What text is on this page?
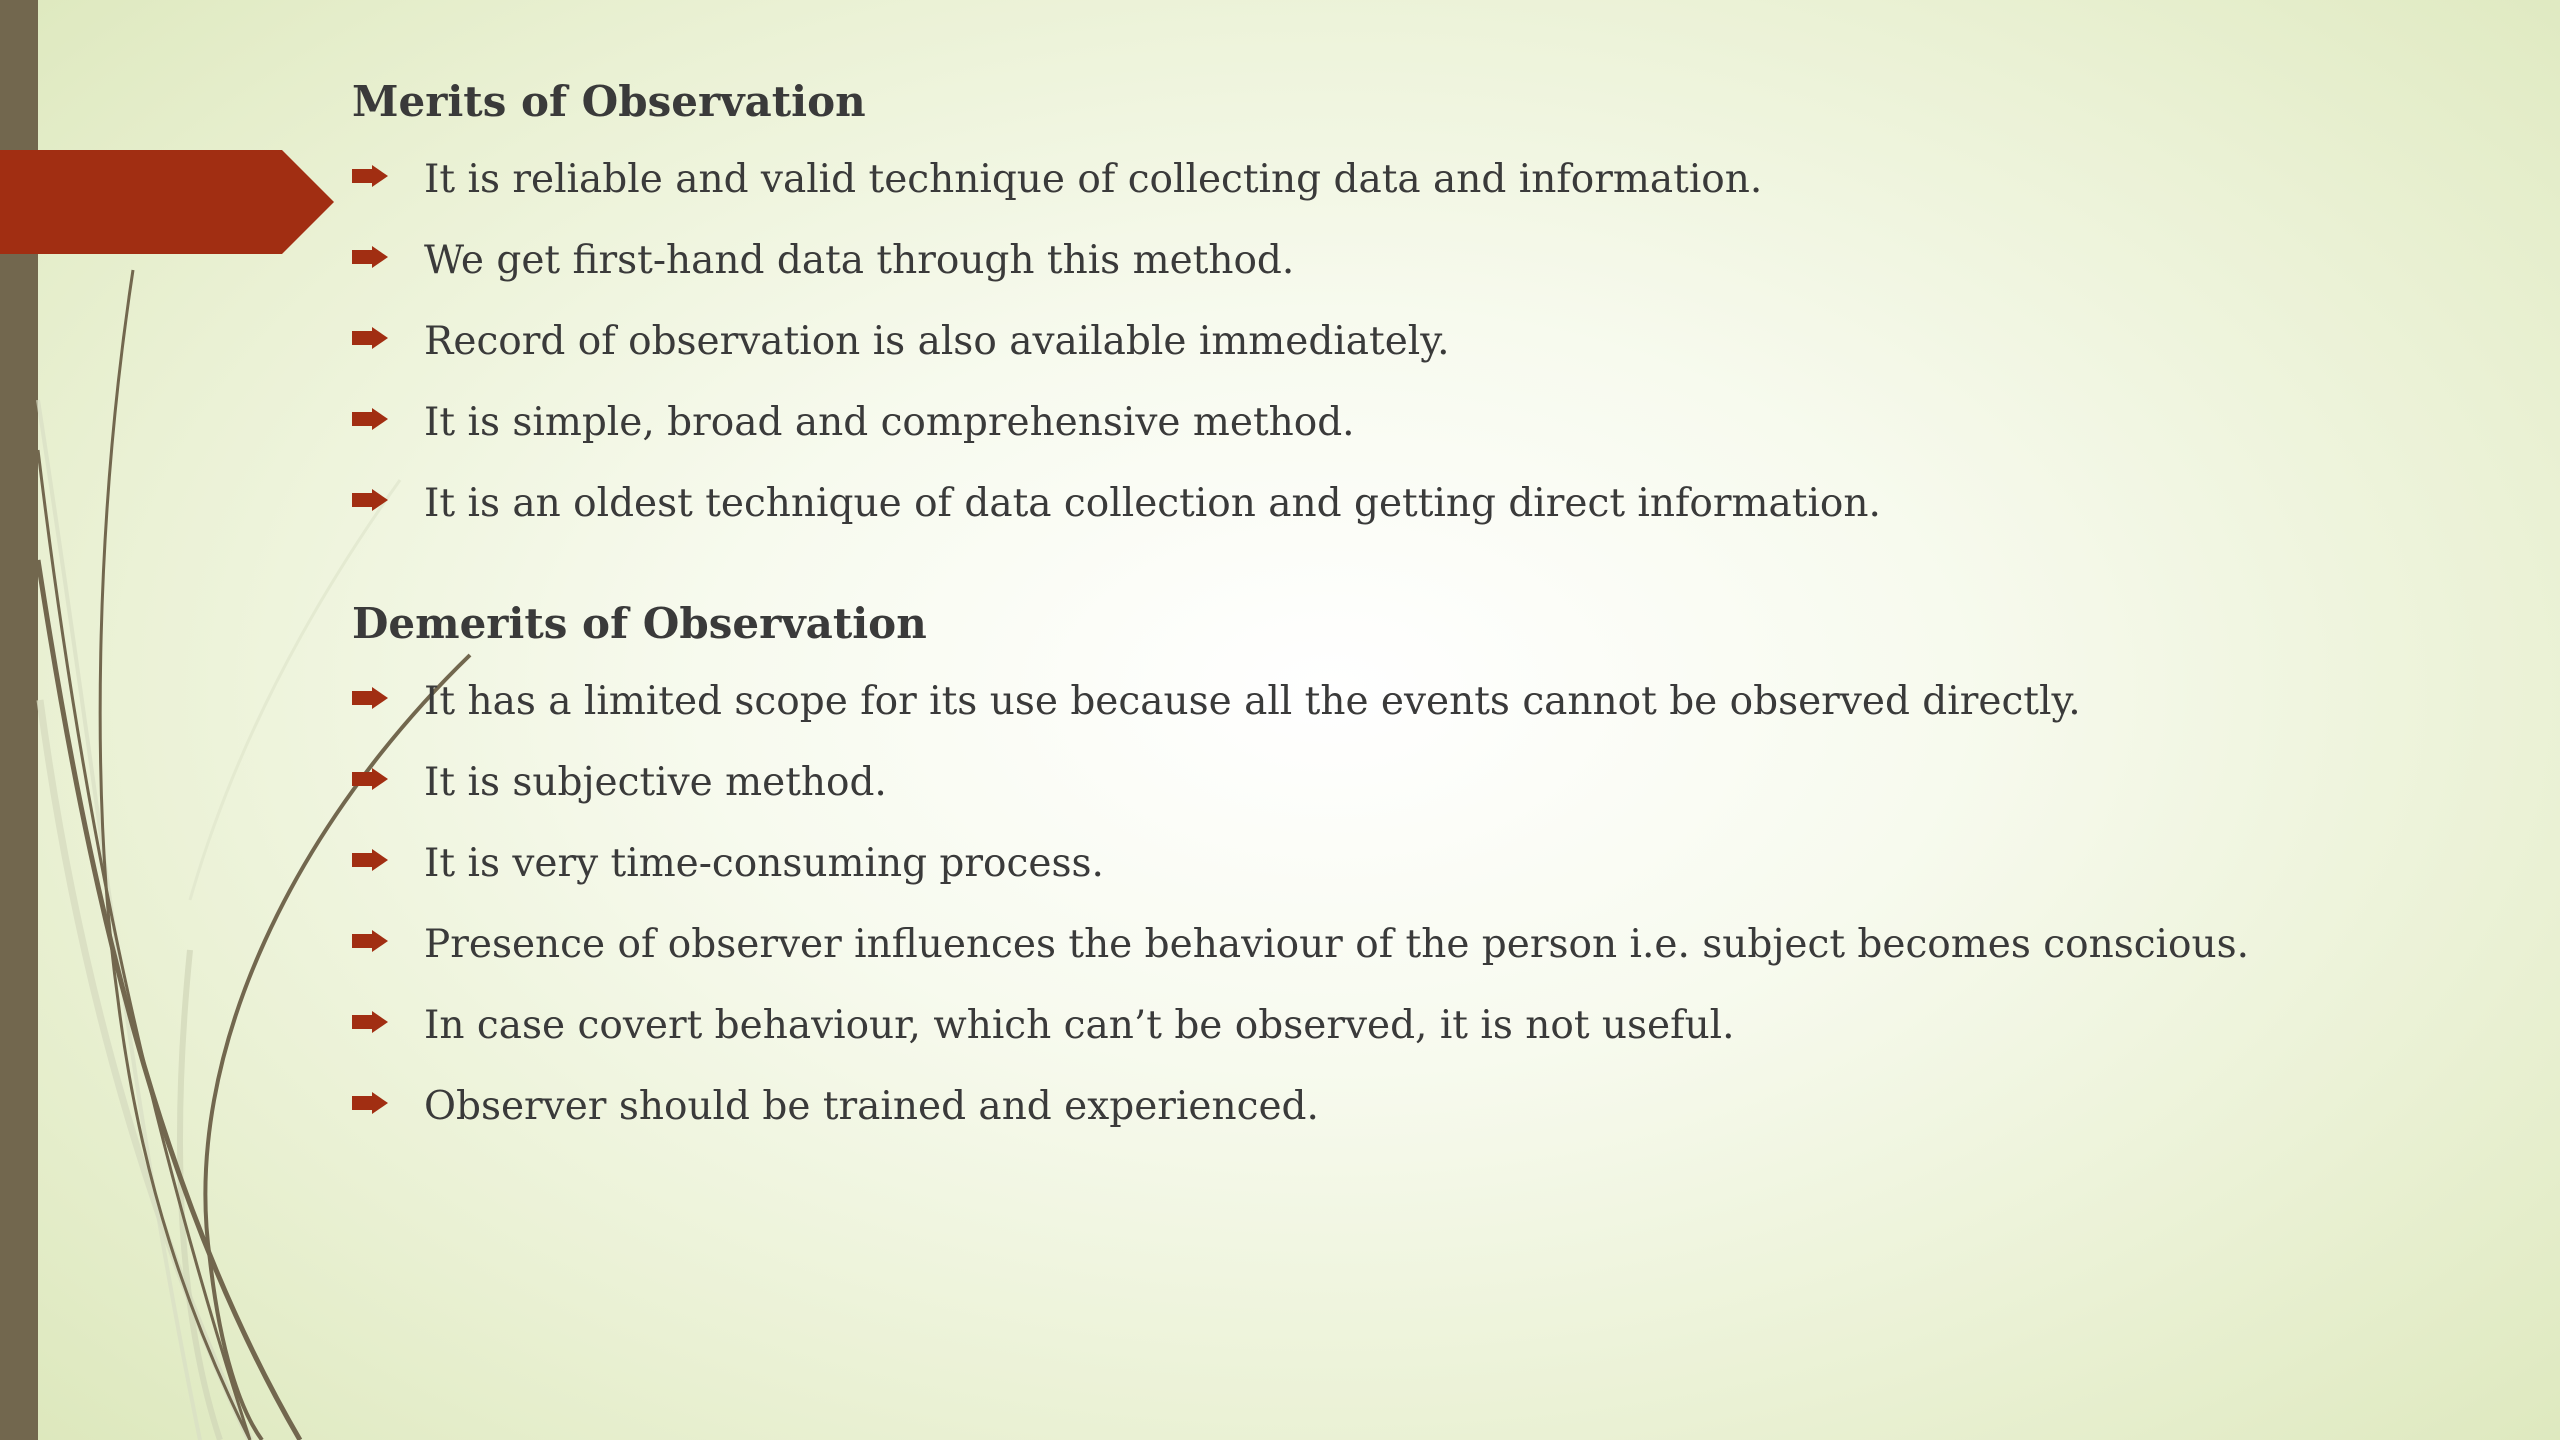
Merits of Observation
It is reliable and valid technique of collecting data and information.
We get first-hand data through this method.
Record of observation is also available immediately.
It is simple, broad and comprehensive method.
It is an oldest technique of data collection and getting direct information.
Demerits of Observation
It has a limited scope for its use because all the events cannot be observed directly.
It is subjective method.
It is very time-consuming process.
Presence of observer influences the behaviour of the person i.e. subject becomes conscious.
In case covert behaviour, which can’t be observed, it is not useful.
Observer should be trained and experienced.
